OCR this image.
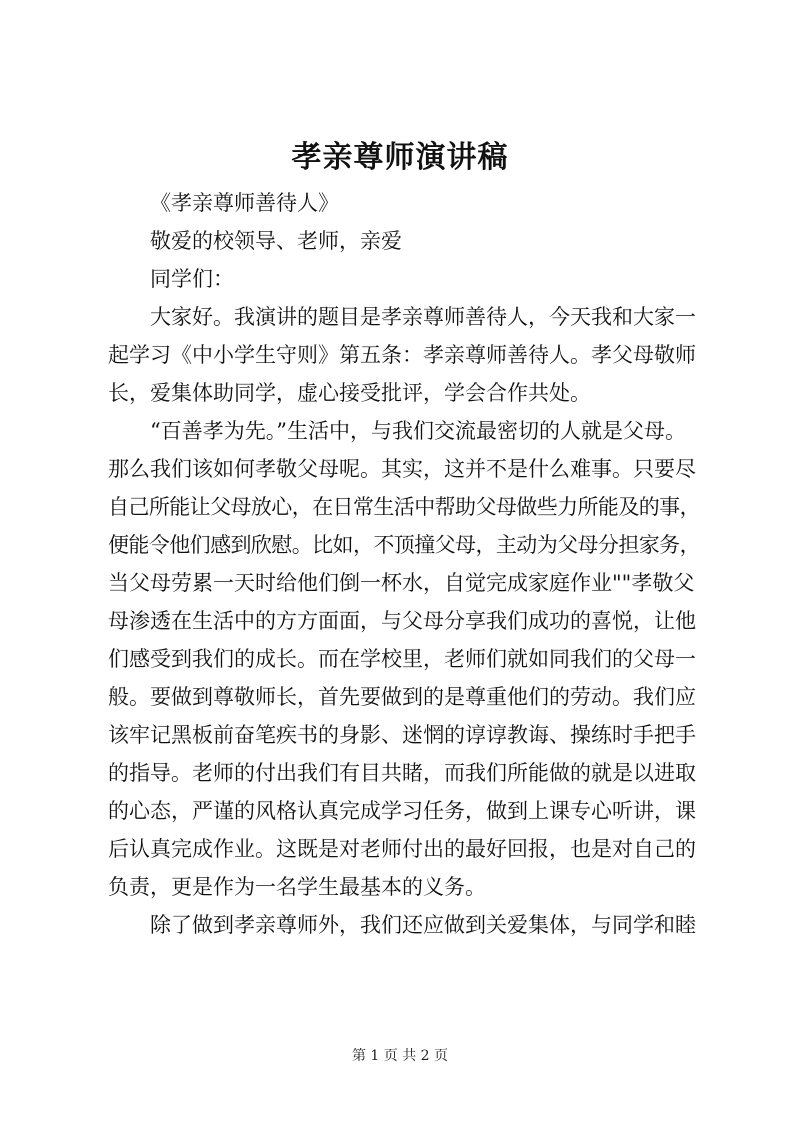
孝亲尊师演讲稿
《孝亲尊师善待人》
敬爱的校领导、老师，亲爱
同学们：
大家好。我演讲的题目是孝亲尊师善待人，今天我和大家一
起学习《中小学生守则》第五条：孝亲尊师善待人。孝父母敬师
长，爱集体助同学，虚心接受批评，学会合作共处。
“百善孝为先。”生活中，与我们交流最密切的人就是父母。
那么我们该如何孝敬父母呢。其实，这并不是什么难事。只要尽
自己所能让父母放心，在日常生活中帮助父母做些力所能及的事，
便能令他们感到欣慰。比如，不顶撞父母，主动为父母分担家务，
当父母劳累一天时给他们倒一杯水，自觉完成家庭作业""孝敬父
母渗透在生活中的方方面面，与父母分享我们成功的喜悦，让他
们感受到我们的成长。而在学校里，老师们就如同我们的父母一
般。要做到尊敬师长，首先要做到的是尊重他们的劳动。我们应
该牢记黑板前奋笔疾书的身影、迷惘的谆谆教诲、操练时手把手
的指导。老师的付出我们有目共睹，而我们所能做的就是以进取
的心态，严谨的风格认真完成学习任务，做到上课专心听讲，课
后认真完成作业。这既是对老师付出的最好回报，也是对自己的
负责，更是作为一名学生最基本的义务。
除了做到孝亲尊师外，我们还应做到关爱集体，与同学和睦
第 1 页 共 2 页
